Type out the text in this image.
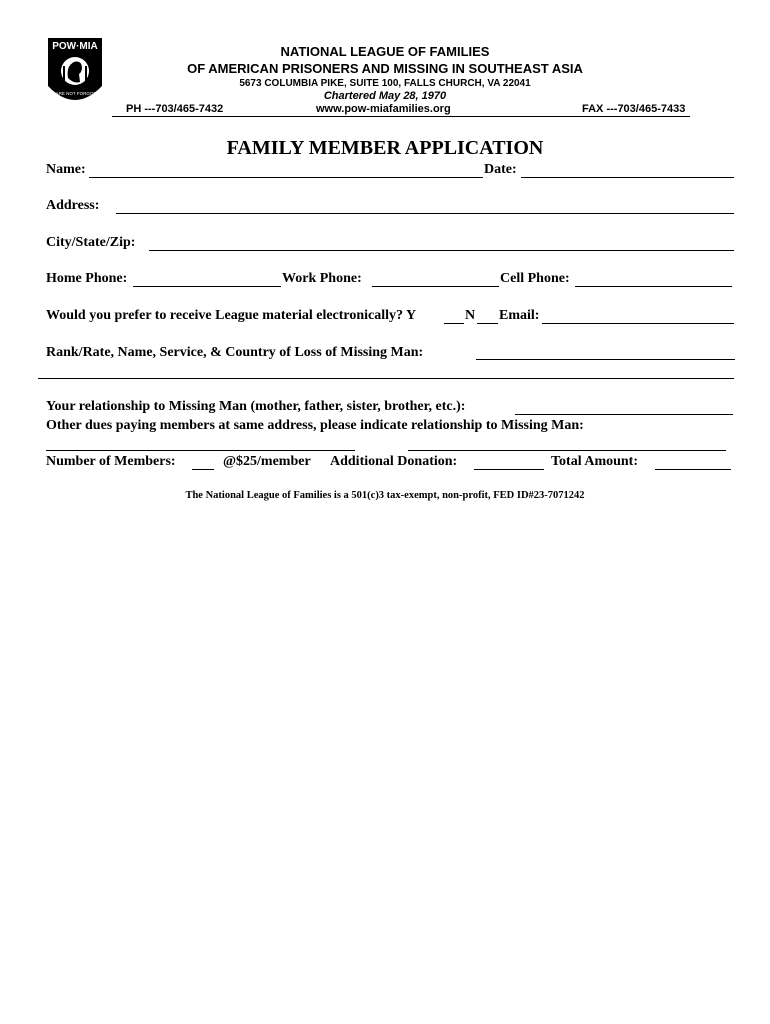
POW·MIA
YOU ARE NOT FORGOTTEN
NATIONAL LEAGUE OF FAMILIES
OF AMERICAN PRISONERS AND MISSING IN SOUTHEAST ASIA
5673 COLUMBIA PIKE, SUITE 100, FALLS CHURCH, VA 22041
Chartered May 28, 1970
PH ---703/465-7432	www.pow-miafamilies.org	FAX ---703/465-7433
FAMILY MEMBER APPLICATION
Name:	Date:
Address:
City/State/Zip:
Home Phone:	Work Phone:	Cell Phone:
Would you prefer to receive League material electronically? Y	N Email:
Rank/Rate, Name, Service, & Country of Loss of Missing Man:
Your relationship to Missing Man (mother, father, sister, brother, etc.):
Other dues paying members at same address, please indicate relationship to Missing Man:
Number of Members:	@$25/member Additional Donation:	Total Amount:
The National League of Families is a 501(c)3 tax-exempt, non-profit, FED ID#23-7071242
